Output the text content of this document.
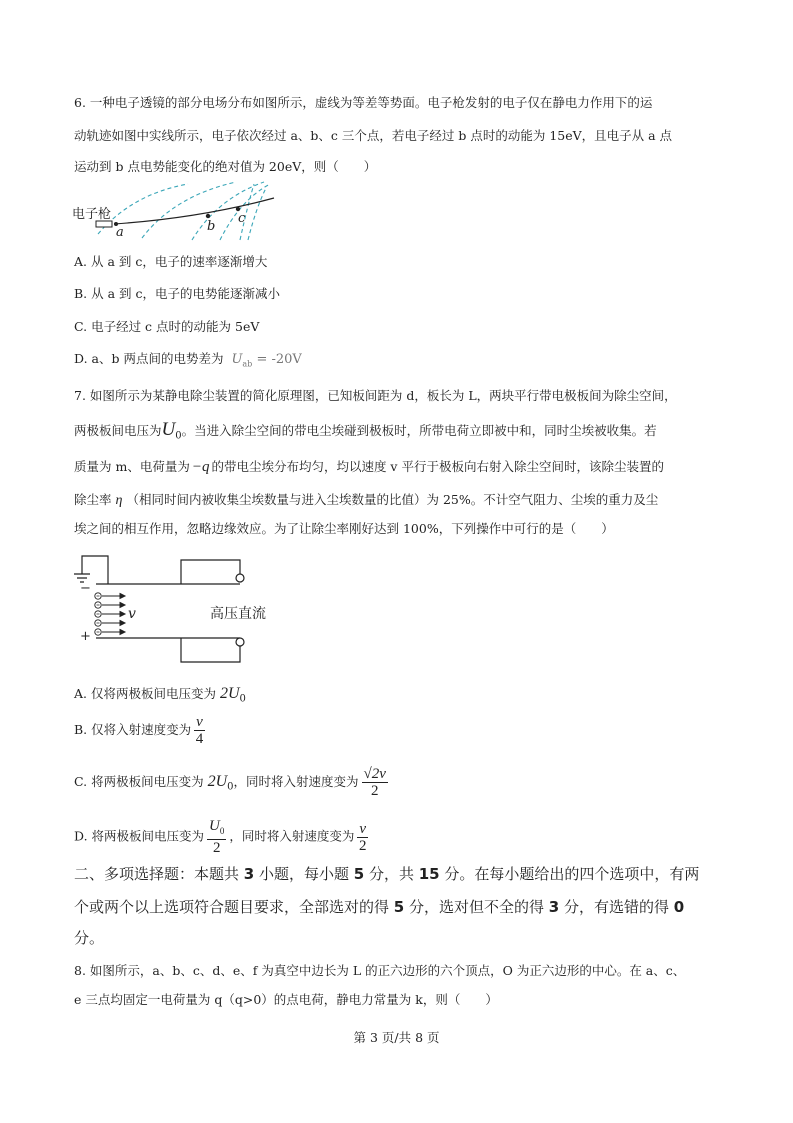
6. 一种电子透镜的部分电场分布如图所示，虚线为等差等势面。电子枪发射的电子仅在静电力作用下的运
动轨迹如图中实线所示，电子依次经过 a、b、c 三个点，若电子经过 b 点时的动能为 15eV，且电子从 a 点
运动到 b 点电势能变化的绝对值为 20eV，则（　　）
电子枪
a	b
c
A. 从 a 到 c，电子的速率逐渐增大
B. 从 a 到 c，电子的电势能逐渐减小
C. 电子经过 c 点时的动能为 5eV
D. a、b 两点间的电势差为 $U_{ab} = -20V$
7. 如图所示为某静电除尘装置的简化原理图，已知板间距为 d，板长为 L，两块平行带电极板间为除尘空间，
两极板间电压为$U_0$。当进入除尘空间的带电尘埃碰到极板时，所带电荷立即被中和，同时尘埃被收集。若
质量为 m、电荷量为 −q 的带电尘埃分布均匀，均以速度 v 平行于极板向右射入除尘空间时，该除尘装置的
除尘率 η （相同时间内被收集尘埃数量与进入尘埃数量的比值）为 25%。不计空气阻力、尘埃的重力及尘
埃之间的相互作用，忽略边缘效应。为了让除尘率刚好达到 100%，下列操作中可行的是（　　）
−
+
v	高压直流
A. 仅将两极板间电压变为 $2U_0$
B. 仅将入射速度变为 $\frac{v}{4}$
C. 将两极板间电压变为 $2U_0$，同时将入射速度变为 $\frac{√2v}{2}$
D. 将两极板间电压变为 $\frac{U_0}{2}$ ，同时将入射速度变为 $\frac{v}{2}$
二、多项选择题：本题共 3 小题，每小题 5 分，共 15 分。在每小题给出的四个选项中，有两
个或两个以上选项符合题目要求，全部选对的得 5 分，选对但不全的得 3 分，有选错的得 0
分。
8. 如图所示，a、b、c、d、e、f 为真空中边长为 L 的正六边形的六个顶点，O 为正六边形的中心。在 a、c、
e 三点均固定一电荷量为 q（q>0）的点电荷，静电力常量为 k，则（　　）
第 3 页/共 8 页
